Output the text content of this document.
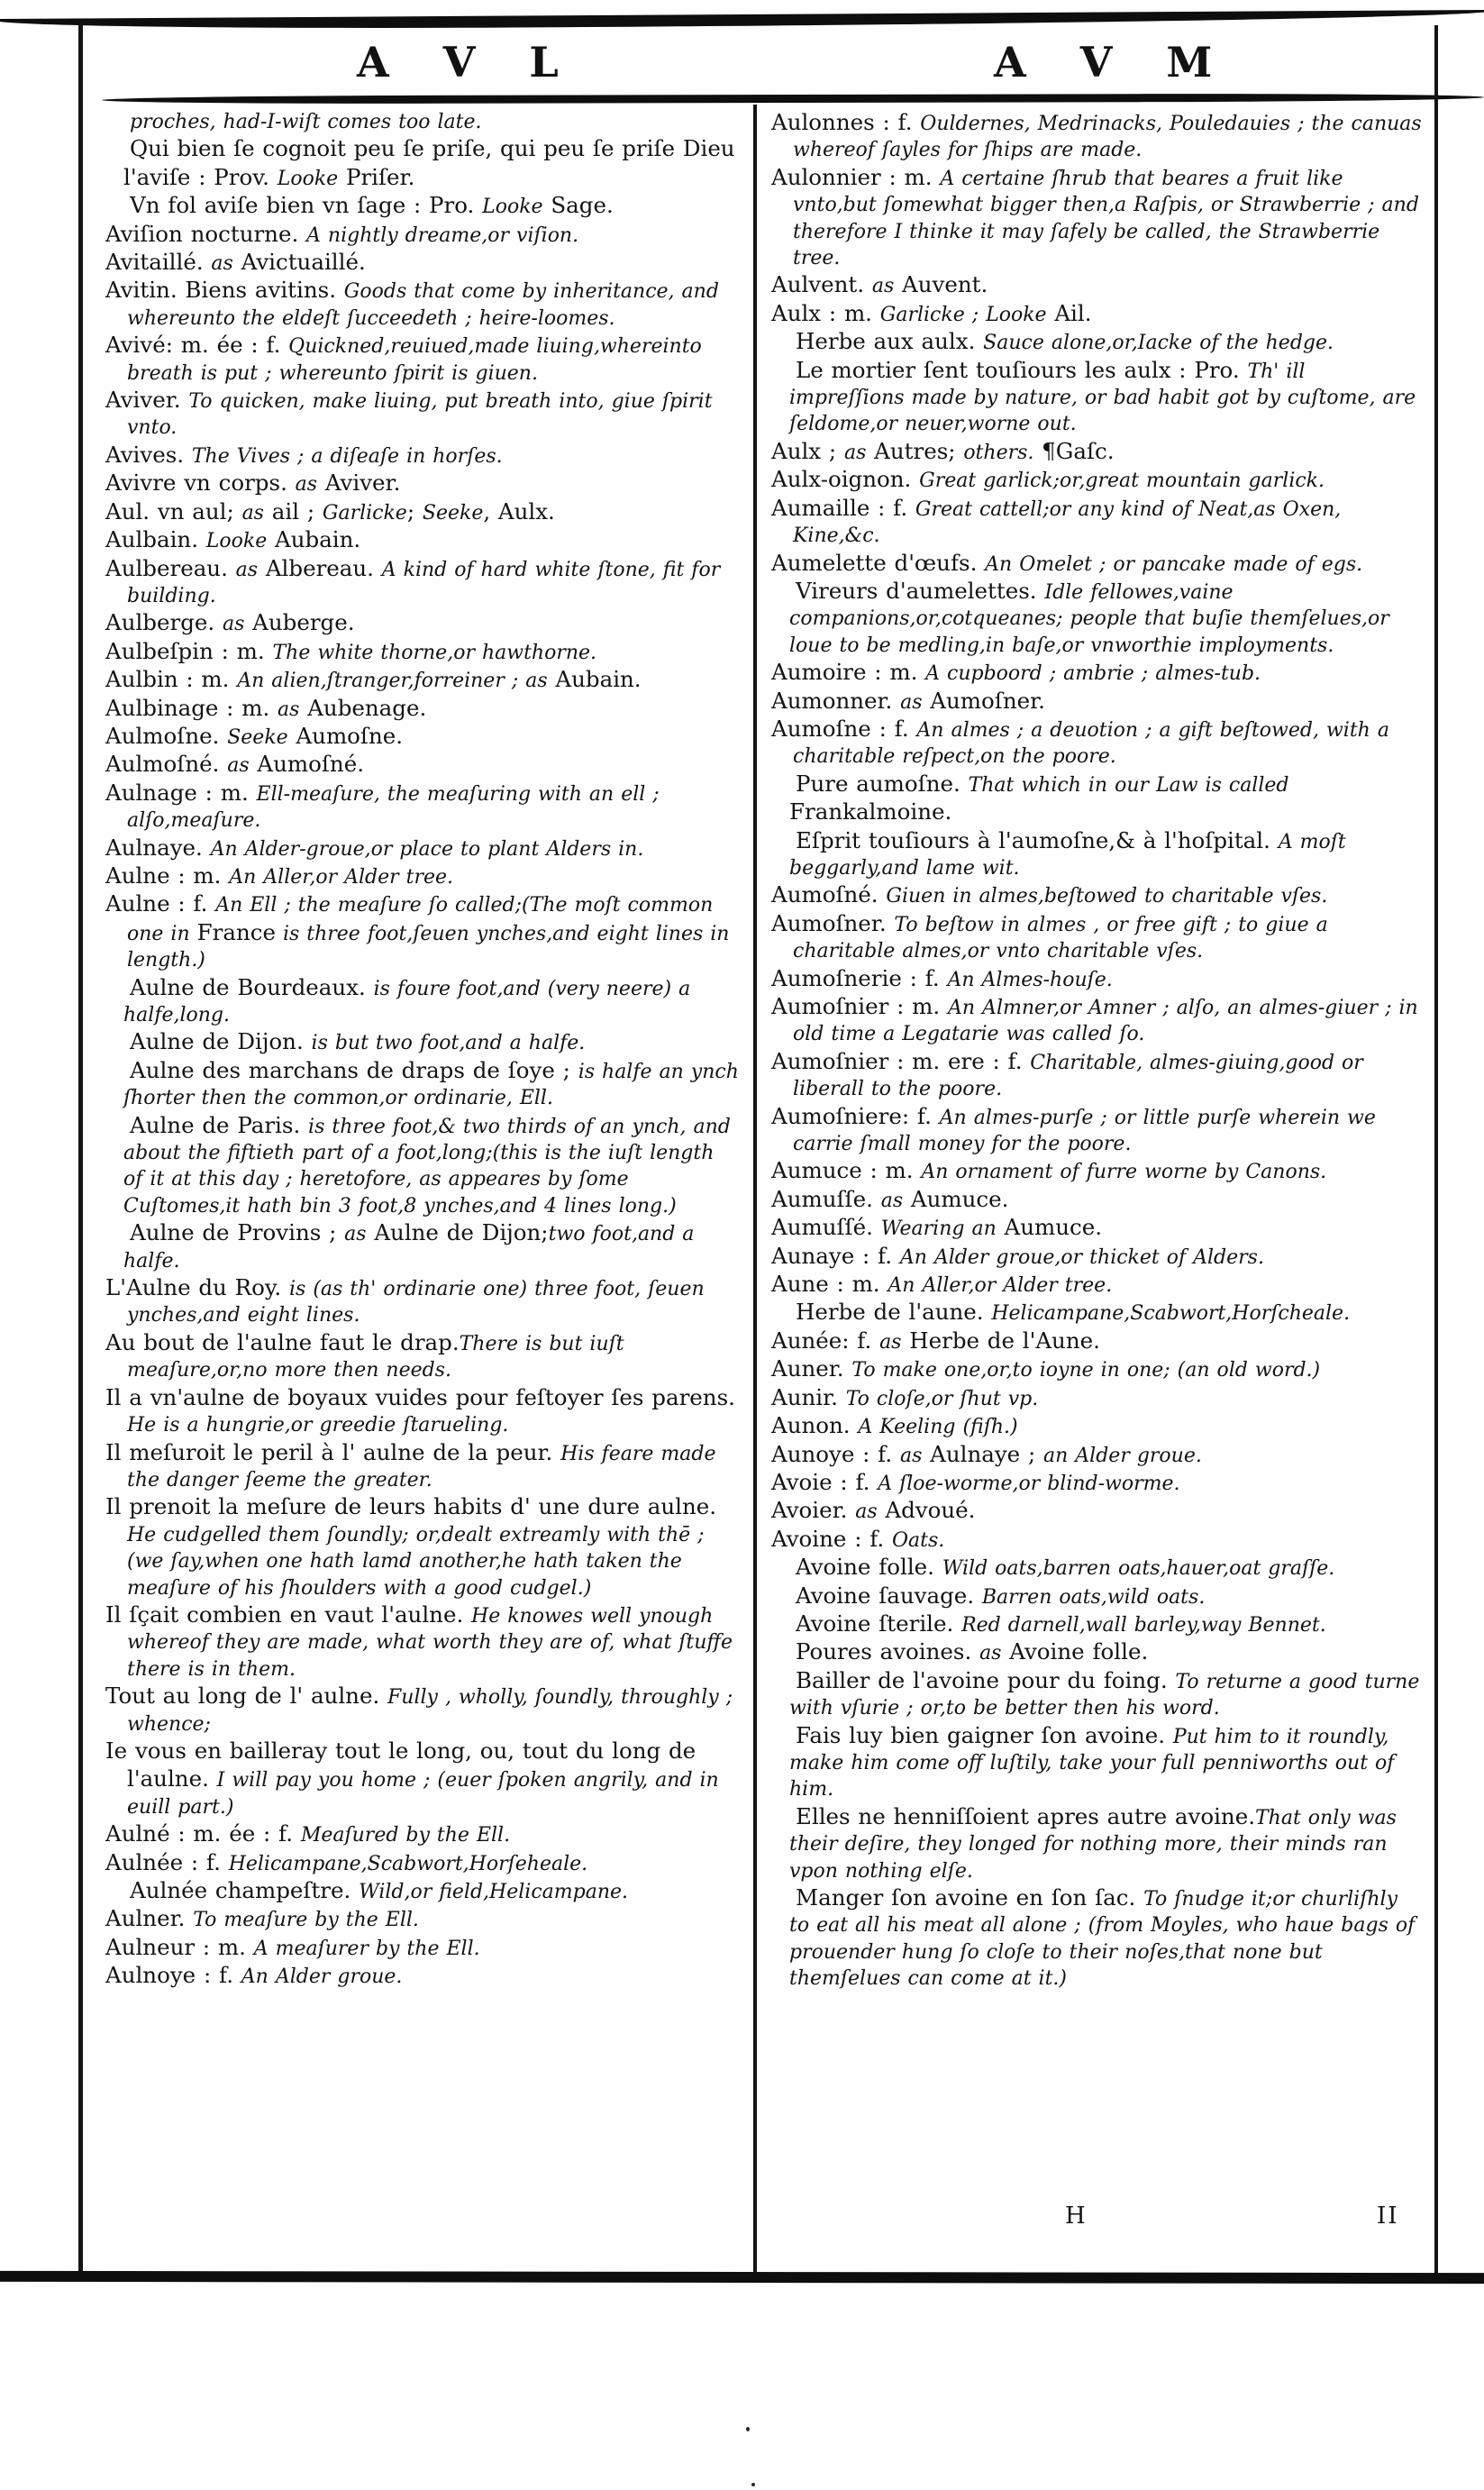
A V L	A V M

proches, had-I-wiſt comes too late.

Qui bien ſe cognoit peu ſe priſe, qui peu ſe priſe Dieu l'aviſe : Prov. Looke Priſer.

Vn fol aviſe bien vn ſage : Pro. Looke Sage.

Aviſion nocturne. A nightly dreame,or viſion.

Avitaillé. as Avictuaillé.

Avitin. Biens avitins. Goods that come by inheritance, and whereunto the eldeſt ſucceedeth ; heire-loomes.

Avivé: m. ée : f. Quickned,reuiued,made liuing,whereinto breath is put ; whereunto ſpirit is giuen.

Aviver. To quicken, make liuing, put breath into, giue ſpirit vnto.

Avives. The Vives ; a diſeaſe in horſes.

Avivre vn corps. as Aviver.

Aul. vn aul; as ail ; Garlicke; Seeke, Aulx.

Aulbain. Looke Aubain.

Aulbereau. as Albereau. A kind of hard white ſtone, fit for building.

Aulberge. as Auberge.

Aulbeſpin : m. The white thorne,or hawthorne.

Aulbin : m. An alien,ſtranger,forreiner ; as Aubain.

Aulbinage : m. as Aubenage.

Aulmoſne. Seeke Aumoſne.

Aulmoſné. as Aumoſné.

Aulnage : m. Ell-meaſure, the meaſuring with an ell ; alſo,meaſure.

Aulnaye. An Alder-groue,or place to plant Alders in.

Aulne : m. An Aller,or Alder tree.

Aulne : f. An Ell ; the meaſure ſo called;(The moſt common one in France is three foot,ſeuen ynches,and eight lines in length.)

Aulne de Bourdeaux. is foure foot,and (very neere) a halfe,long.

Aulne de Dijon. is but two foot,and a halfe.

Aulne des marchans de draps de ſoye ; is halfe an ynch ſhorter then the common,or ordinarie, Ell.

Aulne de Paris. is three foot,& two thirds of an ynch, and about the fiftieth part of a foot,long;(this is the iuſt length of it at this day ; heretofore, as appeares by ſome Cuſtomes,it hath bin 3 foot,8 ynches,and 4 lines long.)

Aulne de Provins ; as Aulne de Dijon;two foot,and a halfe.

L'Aulne du Roy. is (as th' ordinarie one) three foot, ſeuen ynches,and eight lines.

Au bout de l'aulne faut le drap.There is but iuſt meaſure,or,no more then needs.

Il a vn'aulne de boyaux vuides pour feſtoyer ſes parens. He is a hungrie,or greedie ſtarueling.

Il meſuroit le peril à l' aulne de la peur. His feare made the danger ſeeme the greater.

Il prenoit la meſure de leurs habits d' une dure aulne. He cudgelled them ſoundly; or,dealt extreamly with thē ; (we ſay,when one hath lamd another,he hath taken the meaſure of his ſhoulders with a good cudgel.)

Il ſçait combien en vaut l'aulne. He knowes well ynough whereof they are made, what worth they are of, what ſtuffe there is in them.

Tout au long de l' aulne. Fully , wholly, ſoundly, throughly ; whence;

Ie vous en bailleray tout le long, ou, tout du long de l'aulne. I will pay you home ; (euer ſpoken angrily, and in euill part.)

Aulné : m. ée : f. Meaſured by the Ell.

Aulnée : f. Helicampane,Scabwort,Horſeheale.

Aulnée champeſtre. Wild,or field,Helicampane.

Aulner. To meaſure by the Ell.

Aulneur : m. A meaſurer by the Ell.

Aulnoye : f. An Alder groue.

Aulonnes : f. Ouldernes, Medrinacks, Pouledauies ; the canuas whereof ſayles for ſhips are made.

Aulonnier : m. A certaine ſhrub that beares a fruit like vnto,but ſomewhat bigger then,a Raſpis, or Strawberrie ; and therefore I thinke it may ſafely be called, the Strawberrie tree.

Aulvent. as Auvent.

Aulx : m. Garlicke ; Looke Ail.

Herbe aux aulx. Sauce alone,or,Iacke of the hedge.

Le mortier ſent touſiours les aulx : Pro. Th' ill impreſſions made by nature, or bad habit got by cuſtome, are ſeldome,or neuer,worne out.

Aulx ; as Autres; others. ¶Gaſc.

Aulx-oignon. Great garlick;or,great mountain garlick.

Aumaille : f. Great cattell;or any kind of Neat,as Oxen, Kine,&c.

Aumelette d'œufs. An Omelet ; or pancake made of egs.

Vireurs d'aumelettes. Idle fellowes,vaine companions,or,cotqueanes; people that buſie themſelues,or loue to be medling,in baſe,or vnworthie imployments.

Aumoire : m. A cupboord ; ambrie ; almes-tub.

Aumonner. as Aumoſner.

Aumoſne : f. An almes ; a deuotion ; a gift beſtowed, with a charitable reſpect,on the poore.

Pure aumoſne. That which in our Law is called Frankalmoine.

Eſprit touſiours à l'aumoſne,& à l'hoſpital. A moſt beggarly,and lame wit.

Aumoſné. Giuen in almes,beſtowed to charitable vſes.

Aumoſner. To beſtow in almes , or free gift ; to giue a charitable almes,or vnto charitable vſes.

Aumoſnerie : f. An Almes-houſe.

Aumoſnier : m. An Almner,or Amner ; alſo, an almes-giuer ; in old time a Legatarie was called ſo.

Aumoſnier : m. ere : f. Charitable, almes-giuing,good or liberall to the poore.

Aumoſniere: f. An almes-purſe ; or little purſe wherein we carrie ſmall money for the poore.

Aumuce : m. An ornament of furre worne by Canons.

Aumuſſe. as Aumuce.

Aumuſſé. Wearing an Aumuce.

Aunaye : f. An Alder groue,or thicket of Alders.

Aune : m. An Aller,or Alder tree.

Herbe de l'aune. Helicampane,Scabwort,Horſcheale.

Aunée: f. as Herbe de l'Aune.

Auner. To make one,or,to ioyne in one; (an old word.)

Aunir. To cloſe,or ſhut vp.

Aunon. A Keeling (fiſh.)

Aunoye : f. as Aulnaye ; an Alder groue.

Avoie : f. A ſloe-worme,or blind-worme.

Avoier. as Advoué.

Avoine : f. Oats.

Avoine folle. Wild oats,barren oats,hauer,oat graſſe.

Avoine ſauvage. Barren oats,wild oats.

Avoine ſterile. Red darnell,wall barley,way Bennet.

Poures avoines. as Avoine folle.

Bailler de l'avoine pour du foing. To returne a good turne with vſurie ; or,to be better then his word.

Fais luy bien gaigner ſon avoine. Put him to it roundly, make him come off luſtily, take your full penniworths out of him.

Elles ne henniſſoient apres autre avoine.That only was their deſire, they longed for nothing more, their minds ran vpon nothing elſe.

Manger ſon avoine en ſon ſac. To ſnudge it;or churliſhly to eat all his meat all alone ; (from Moyles, who haue bags of prouender hung ſo cloſe to their noſes,that none but themſelues can come at it.)

H	II
